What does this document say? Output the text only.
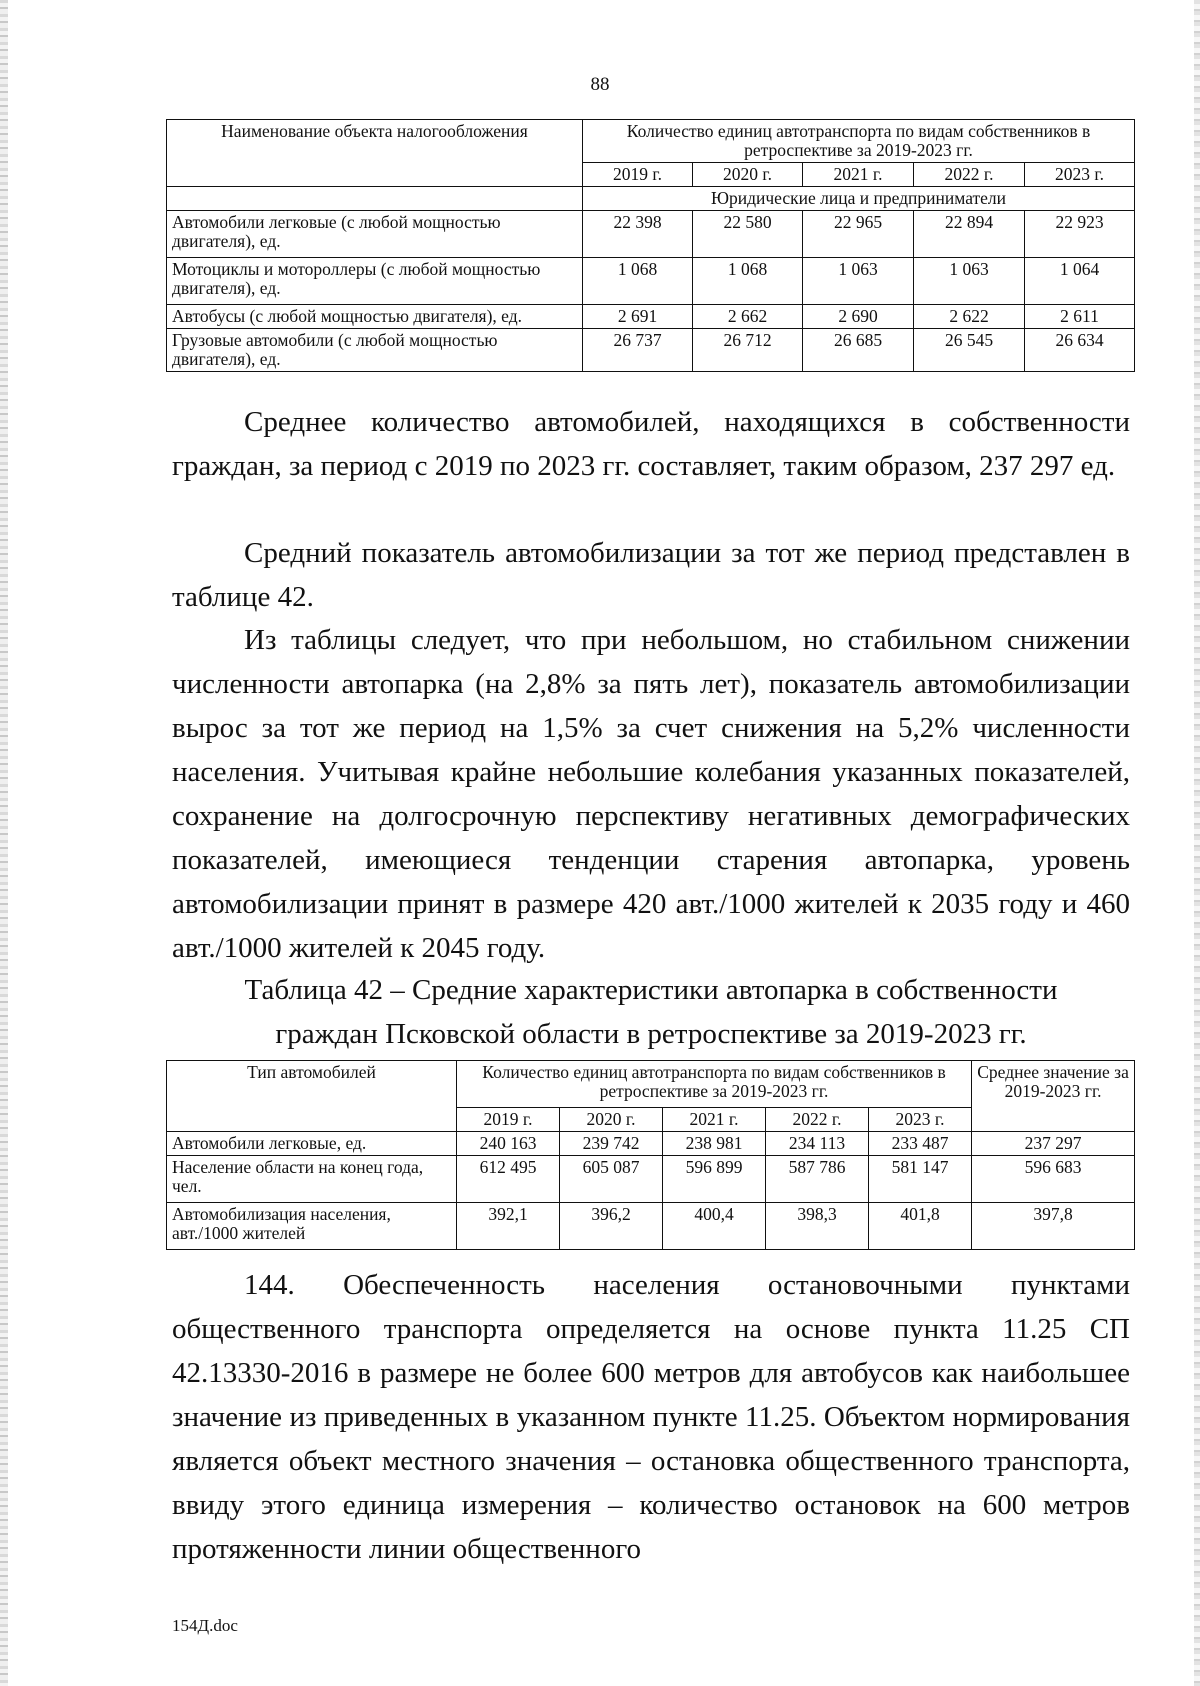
88
Наименование объекта налогообложения	Количество единиц автотранспорта по видам собственников в ретроспективе за 2019-2023 гг.				
	2019 г.	2020 г.	2021 г.	2022 г.	2023 г.
	Юридические лица и предприниматели				
Автомобили легковые (с любой мощностью двигателя), ед.	22 398	22 580	22 965	22 894	22 923
Мотоциклы и мотороллеры (с любой мощностью двигателя), ед.	1 068	1 068	1 063	1 063	1 064
Автобусы (с любой мощностью двигателя), ед.	2 691	2 662	2 690	2 622	2 611
Грузовые автомобили (с любой мощностью двигателя), ед.	26 737	26 712	26 685	26 545	26 634
Среднее количество автомобилей, находящихся в собственности граждан, за период с 2019 по 2023 гг. составляет, таким образом, 237 297 ед.
Средний показатель автомобилизации за тот же период представлен в таблице 42.
Из таблицы следует, что при небольшом, но стабильном снижении численности автопарка (на 2,8% за пять лет), показатель автомобилизации вырос за тот же период на 1,5% за счет снижения на 5,2% численности населения. Учитывая крайне небольшие колебания указанных показателей, сохранение на долгосрочную перспективу негативных демографических показателей, имеющиеся тенденции старения автопарка, уровень автомобилизации принят в размере 420 авт./1000 жителей к 2035 году и 460 авт./1000 жителей к 2045 году.
Таблица 42 – Средние характеристики автопарка в собственности
граждан Псковской области в ретроспективе за 2019-2023 гг.
Тип автомобилей	Количество единиц автотранспорта по видам собственников в ретроспективе за 2019-2023 гг.					Среднее значение за 2019-2023 гг.
	2019 г.	2020 г.	2021 г.	2022 г.	2023 г.	
Автомобили легковые, ед.	240 163	239 742	238 981	234 113	233 487	237 297
Население области на конец года, чел.	612 495	605 087	596 899	587 786	581 147	596 683
Автомобилизация населения, авт./1000 жителей	392,1	396,2	400,4	398,3	401,8	397,8
144. Обеспеченность населения остановочными пунктами общественного транспорта определяется на основе пункта 11.25 СП 42.13330-2016 в размере не более 600 метров для автобусов как наибольшее значение из приведенных в указанном пункте 11.25. Объектом нормирования является объект местного значения – остановка общественного транспорта, ввиду этого единица измерения – количество остановок на 600 метров протяженности линии общественного
154Д.doc
